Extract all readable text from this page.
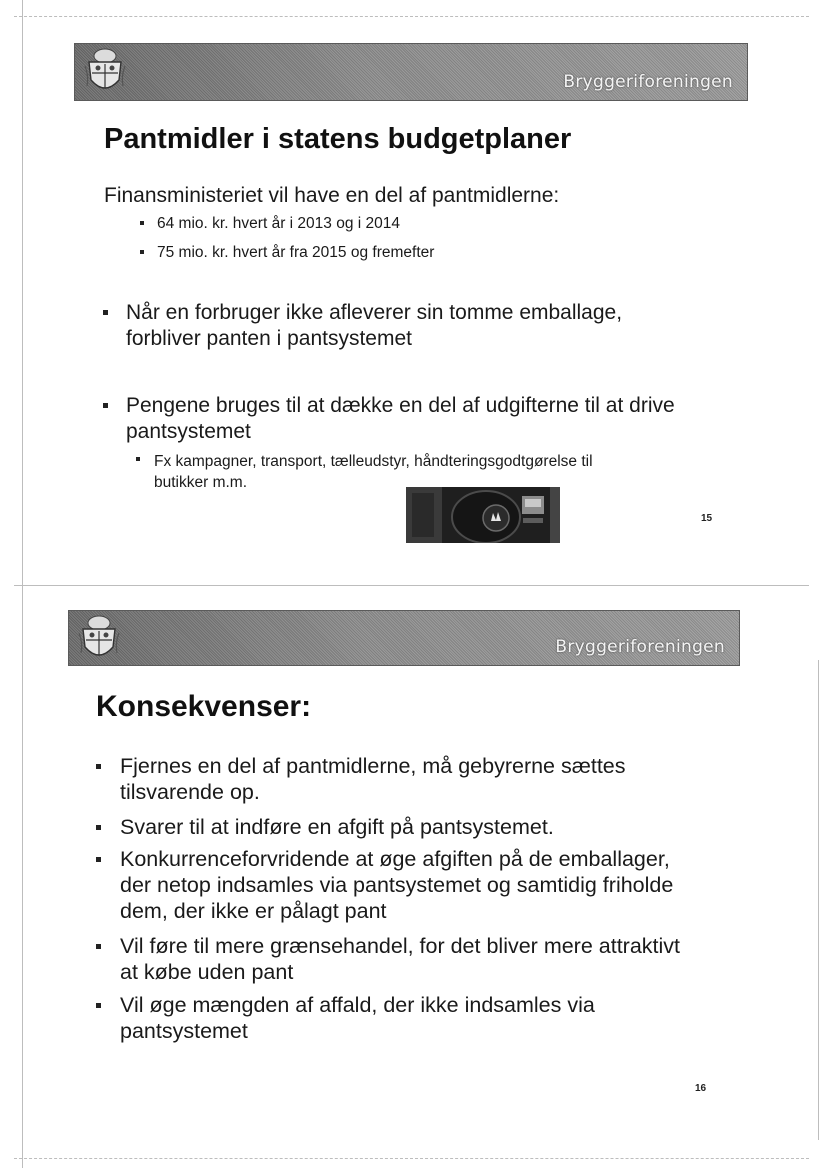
Bryggeriforeningen
Pantmidler i statens budgetplaner
Finansministeriet vil have en del af pantmidlerne:
64 mio. kr. hvert år i 2013 og i 2014
75 mio. kr. hvert år fra 2015 og fremefter
Når en forbruger ikke afleverer sin tomme emballage,
forbliver panten i pantsystemet
Pengene bruges til at dække en del af udgifterne til at drive
pantsystemet
Fx kampagner, transport, tælleudstyr, håndteringsgodtgørelse til
butikker m.m.
15
Bryggeriforeningen
Konsekvenser:
Fjernes en del af pantmidlerne, må gebyrerne sættes
tilsvarende op.
Svarer til at indføre en afgift på pantsystemet.
Konkurrenceforvridende at øge afgiften på de emballager,
der netop indsamles via pantsystemet og samtidig friholde
dem, der ikke er pålagt pant
Vil føre til mere grænsehandel, for det bliver mere attraktivt
at købe uden pant
Vil øge mængden af affald, der ikke indsamles via
pantsystemet
16
